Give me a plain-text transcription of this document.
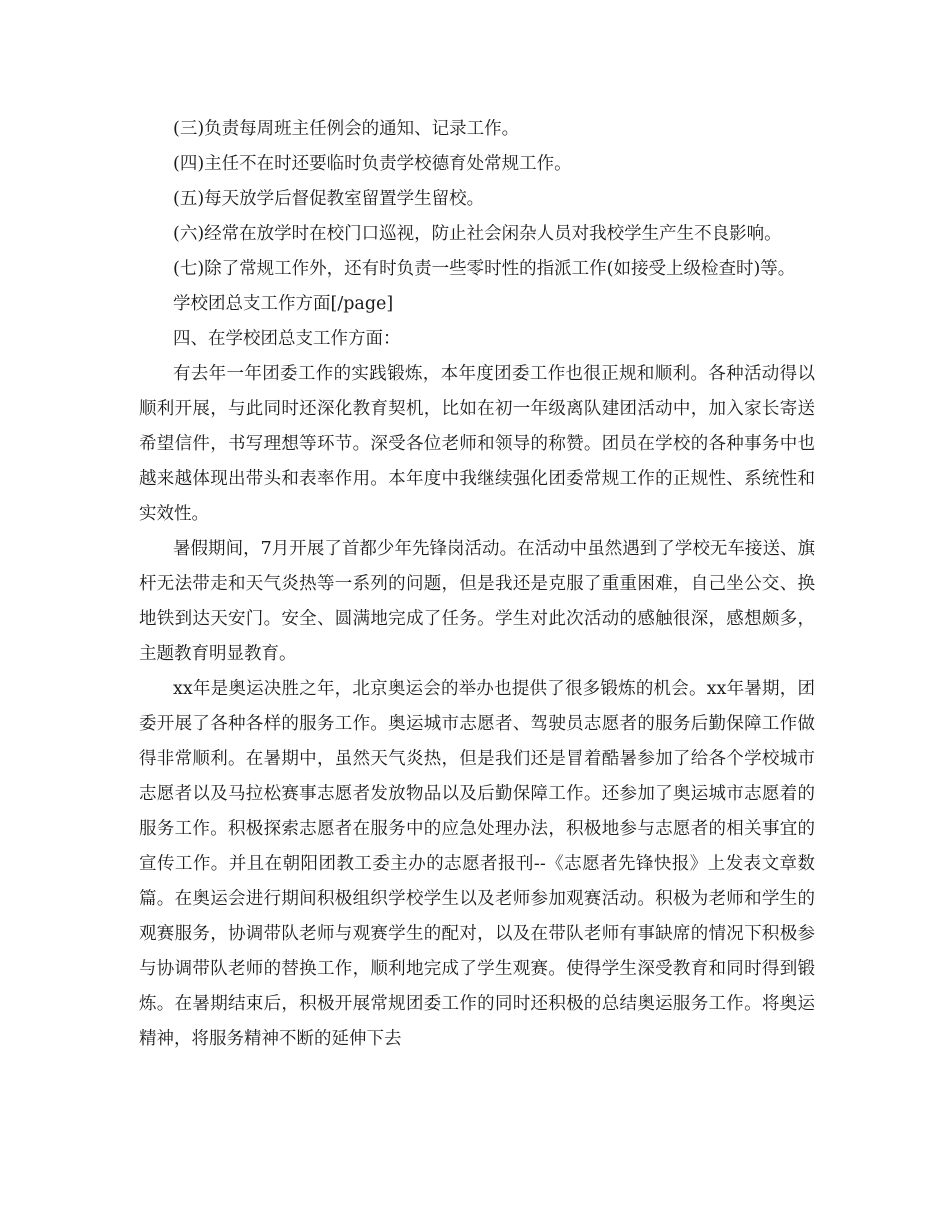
(三)负责每周班主任例会的通知、记录工作。

(四)主任不在时还要临时负责学校德育处常规工作。

(五)每天放学后督促教室留置学生留校。

(六)经常在放学时在校门口巡视，防止社会闲杂人员对我校学生产生不良影响。

(七)除了常规工作外，还有时负责一些零时性的指派工作(如接受上级检查时)等。

学校团总支工作方面[/page]

四、在学校团总支工作方面：

有去年一年团委工作的实践锻炼，本年度团委工作也很正规和顺利。各种活动得以顺利开展，与此同时还深化教育契机，比如在初一年级离队建团活动中，加入家长寄送希望信件，书写理想等环节。深受各位老师和领导的称赞。团员在学校的各种事务中也越来越体现出带头和表率作用。本年度中我继续强化团委常规工作的正规性、系统性和实效性。

暑假期间，7月开展了首都少年先锋岗活动。在活动中虽然遇到了学校无车接送、旗杆无法带走和天气炎热等一系列的问题，但是我还是克服了重重困难，自己坐公交、换地铁到达天安门。安全、圆满地完成了任务。学生对此次活动的感触很深，感想颇多，主题教育明显教育。

xx年是奥运决胜之年，北京奥运会的举办也提供了很多锻炼的机会。xx年暑期，团委开展了各种各样的服务工作。奥运城市志愿者、驾驶员志愿者的服务后勤保障工作做得非常顺利。在暑期中，虽然天气炎热，但是我们还是冒着酷暑参加了给各个学校城市志愿者以及马拉松赛事志愿者发放物品以及后勤保障工作。还参加了奥运城市志愿着的服务工作。积极探索志愿者在服务中的应急处理办法，积极地参与志愿者的相关事宜的宣传工作。并且在朝阳团教工委主办的志愿者报刊--《志愿者先锋快报》上发表文章数篇。在奥运会进行期间积极组织学校学生以及老师参加观赛活动。积极为老师和学生的观赛服务，协调带队老师与观赛学生的配对，以及在带队老师有事缺席的情况下积极参与协调带队老师的替换工作，顺利地完成了学生观赛。使得学生深受教育和同时得到锻炼。在暑期结束后，积极开展常规团委工作的同时还积极的总结奥运服务工作。将奥运精神，将服务精神不断的延伸下去
